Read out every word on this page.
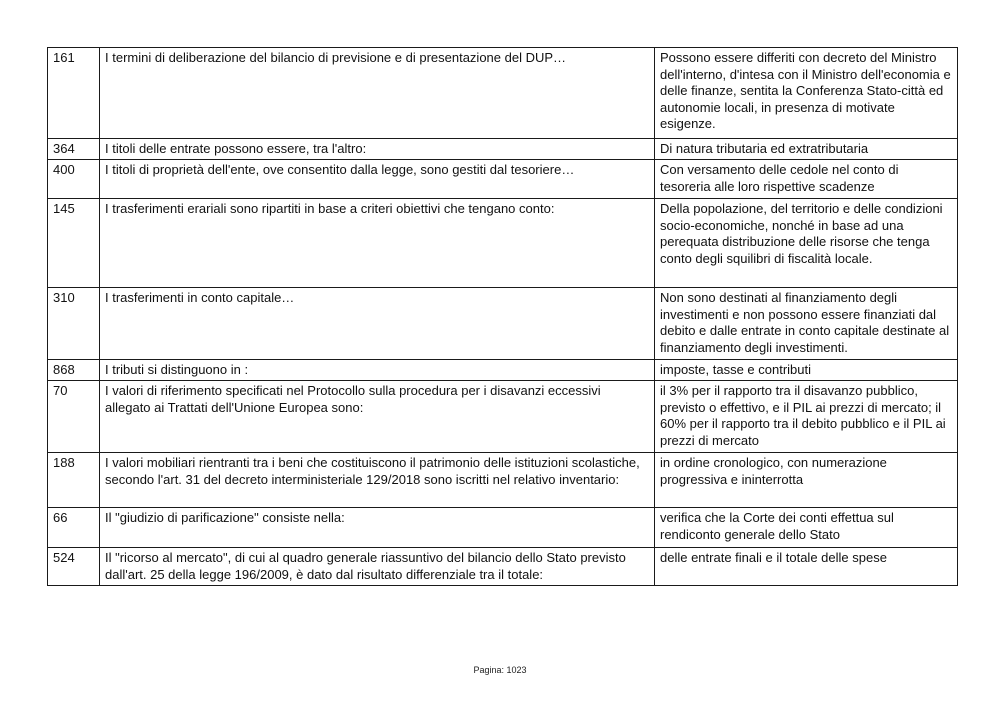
161	I termini di deliberazione del bilancio di previsione e di presentazione del DUP…	Possono essere differiti con decreto del Ministro dell'interno, d'intesa con il Ministro dell'economia e delle finanze, sentita la Conferenza Stato-città ed autonomie locali, in presenza di motivate esigenze.
364	I titoli delle entrate possono essere, tra l'altro:	Di natura tributaria ed extratributaria
400	I titoli di proprietà dell'ente, ove consentito dalla legge, sono gestiti dal tesoriere…	Con versamento delle cedole nel conto di tesoreria alle loro rispettive scadenze
145	I trasferimenti erariali sono ripartiti in base a criteri obiettivi che tengano conto:	Della popolazione, del territorio e delle condizioni socio-economiche, nonché in base ad una perequata distribuzione delle risorse che tenga conto degli squilibri di fiscalità locale.
310	I trasferimenti in conto capitale…	Non sono destinati al finanziamento degli investimenti e non possono essere finanziati dal debito e dalle entrate in conto capitale destinate al finanziamento degli investimenti.
868	I tributi si distinguono in :	imposte, tasse e contributi
70	I valori di riferimento specificati nel Protocollo sulla procedura per i disavanzi eccessivi allegato ai Trattati dell'Unione Europea sono:	il 3% per il rapporto tra il disavanzo pubblico, previsto o effettivo, e il PIL ai prezzi di mercato; il 60% per il rapporto tra il debito pubblico e il PIL ai prezzi di mercato
188	I valori mobiliari rientranti tra i beni che costituiscono il patrimonio delle istituzioni scolastiche, secondo l'art. 31 del decreto interministeriale 129/2018 sono iscritti nel relativo inventario:	in ordine cronologico, con numerazione progressiva e ininterrotta
66	Il "giudizio di parificazione" consiste nella:	verifica che la Corte dei conti effettua sul rendiconto generale dello Stato
524	Il "ricorso al mercato", di cui al quadro generale riassuntivo del bilancio dello Stato previsto dall'art. 25 della legge 196/2009, è dato dal risultato differenziale tra il totale:	delle entrate finali e il totale delle spese
Pagina: 1023
